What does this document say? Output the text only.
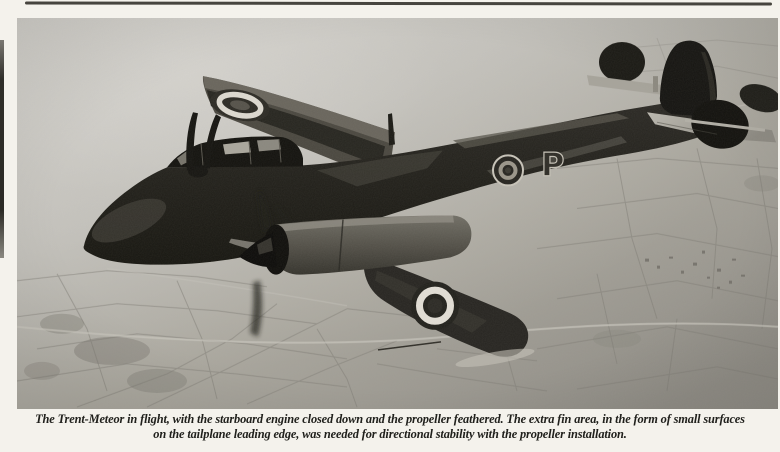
The Trent-Meteor in flight, with the starboard engine closed down and the propeller feathered. The extra fin area, in the form of small surfaces
on the tailplane leading edge, was needed for directional stability with the propeller installation.
